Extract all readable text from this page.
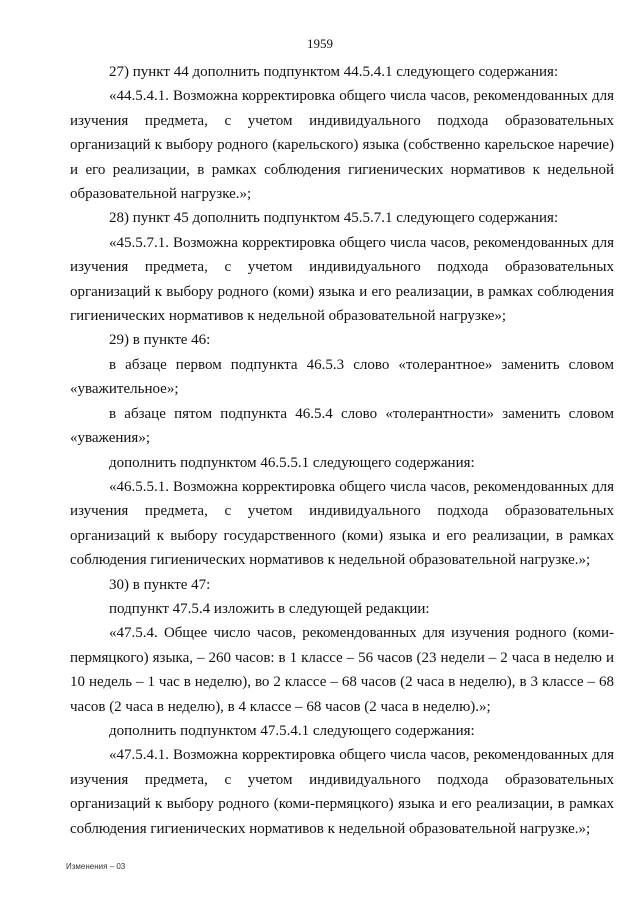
1959

27) пункт 44 дополнить подпунктом 44.5.4.1 следующего содержания:

«44.5.4.1. Возможна корректировка общего числа часов, рекомендованных для изучения предмета, с учетом индивидуального подхода образовательных организаций к выбору родного (карельского) языка (собственно карельское наречие) и его реализации, в рамках соблюдения гигиенических нормативов к недельной образовательной нагрузке.»;

28) пункт 45 дополнить подпунктом 45.5.7.1 следующего содержания:

«45.5.7.1. Возможна корректировка общего числа часов, рекомендованных для изучения предмета, с учетом индивидуального подхода образовательных организаций к выбору родного (коми) языка и его реализации, в рамках соблюдения гигиенических нормативов к недельной образовательной нагрузке»;

29) в пункте 46:

в абзаце первом подпункта 46.5.3 слово «толерантное» заменить словом «уважительное»;

в абзаце пятом подпункта 46.5.4 слово «толерантности» заменить словом «уважения»;

дополнить подпунктом 46.5.5.1 следующего содержания:

«46.5.5.1. Возможна корректировка общего числа часов, рекомендованных для изучения предмета, с учетом индивидуального подхода образовательных организаций к выбору государственного (коми) языка и его реализации, в рамках соблюдения гигиенических нормативов к недельной образовательной нагрузке.»;

30) в пункте 47:

подпункт 47.5.4 изложить в следующей редакции:

«47.5.4. Общее число часов, рекомендованных для изучения родного (коми-пермяцкого) языка, – 260 часов: в 1 классе – 56 часов (23 недели – 2 часа в неделю и 10 недель – 1 час в неделю), во 2 классе – 68 часов (2 часа в неделю), в 3 классе – 68 часов (2 часа в неделю), в 4 классе – 68 часов (2 часа в неделю).»;

дополнить подпунктом 47.5.4.1 следующего содержания:

«47.5.4.1. Возможна корректировка общего числа часов, рекомендованных для изучения предмета, с учетом индивидуального подхода образовательных организаций к выбору родного (коми-пермяцкого) языка и его реализации, в рамках соблюдения гигиенических нормативов к недельной образовательной нагрузке.»;

Изменения – 03
